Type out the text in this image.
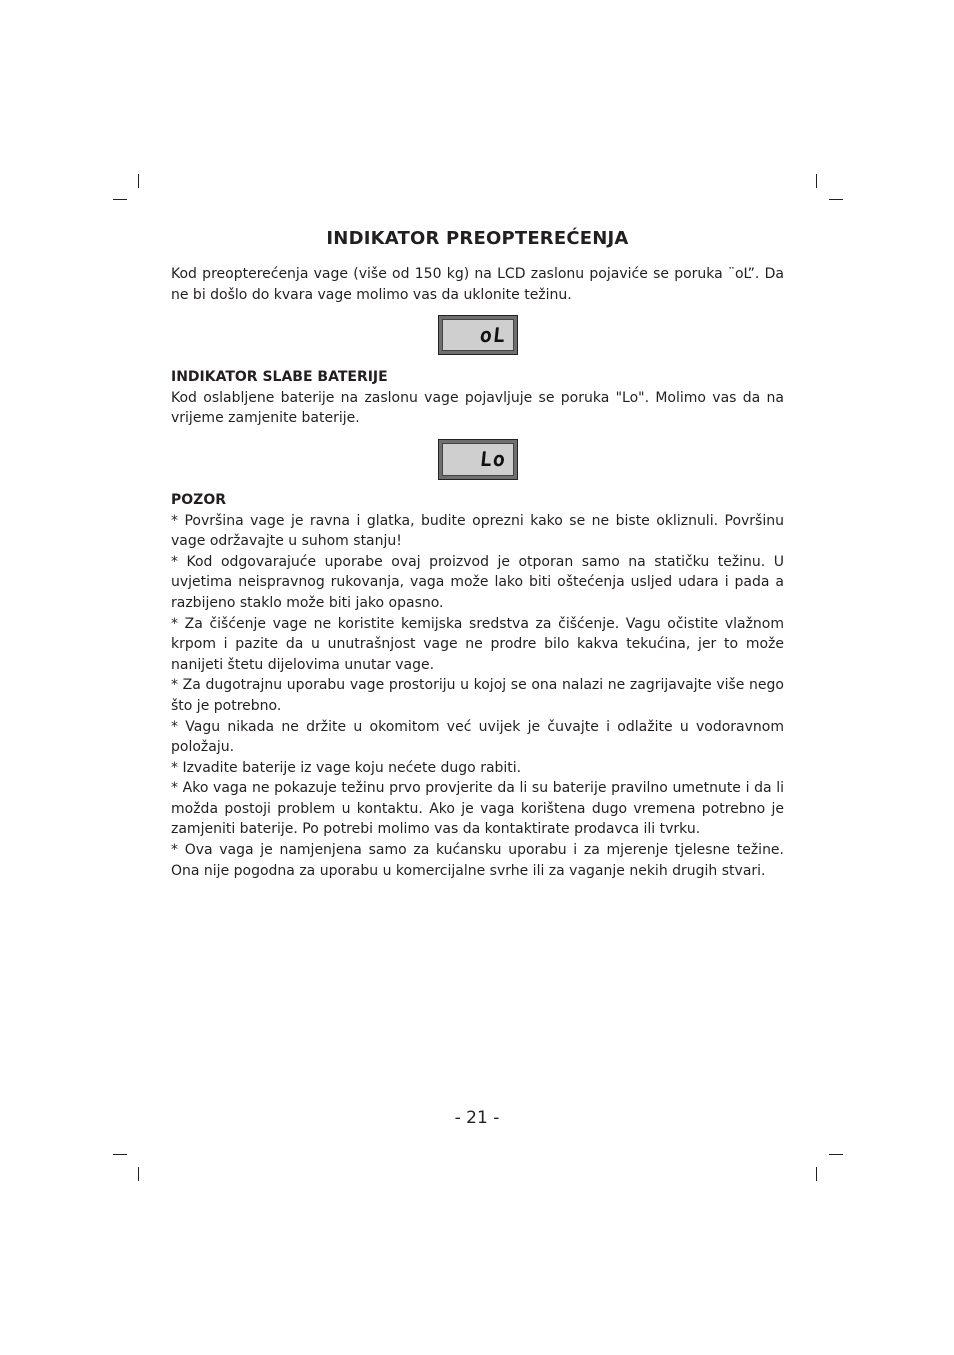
INDIKATOR PREOPTEREĆENJA

Kod preopterećenja vage (više od 150 kg) na LCD zaslonu pojaviće se poruka ¨oL”. Da ne bi došlo do kvara vage molimo vas da uklonite težinu.

oL
INDIKATOR SLABE BATERIJE

Kod oslabljene baterije na zaslonu vage pojavljuje se poruka "Lo". Molimo vas da na vrijeme zamjenite baterije.

Lo
POZOR

* Površina vage je ravna i glatka, budite oprezni kako se ne biste okliznuli. Površinu vage održavajte u suhom stanju!

* Kod odgovarajuće uporabe ovaj proizvod je otporan samo na statičku težinu. U uvjetima neispravnog rukovanja, vaga može lako biti oštećenja usljed udara i pada a razbijeno staklo može biti jako opasno.

* Za čišćenje vage ne koristite kemijska sredstva za čišćenje. Vagu očistite vlažnom krpom i pazite da u unutrašnjost vage ne prodre bilo kakva tekućina, jer to može nanijeti štetu dijelovima unutar vage.

* Za dugotrajnu uporabu vage prostoriju u kojoj se ona nalazi ne zagrijavajte više nego što je potrebno.

* Vagu nikada ne držite u okomitom već uvijek je čuvajte i odlažite u vodoravnom položaju.

* Izvadite baterije iz vage koju nećete dugo rabiti.

* Ako vaga ne pokazuje težinu prvo provjerite da li su baterije pravilno umetnute i da li možda postoji problem u kontaktu. Ako je vaga korištena dugo vremena potrebno je zamjeniti baterije. Po potrebi molimo vas da kontaktirate prodavca ili tvrku.

* Ova vaga je namjenjena samo za kućansku uporabu i za mjerenje tjelesne težine. Ona nije pogodna za uporabu u komercijalne svrhe ili za vaganje nekih drugih stvari.

- 21 -
